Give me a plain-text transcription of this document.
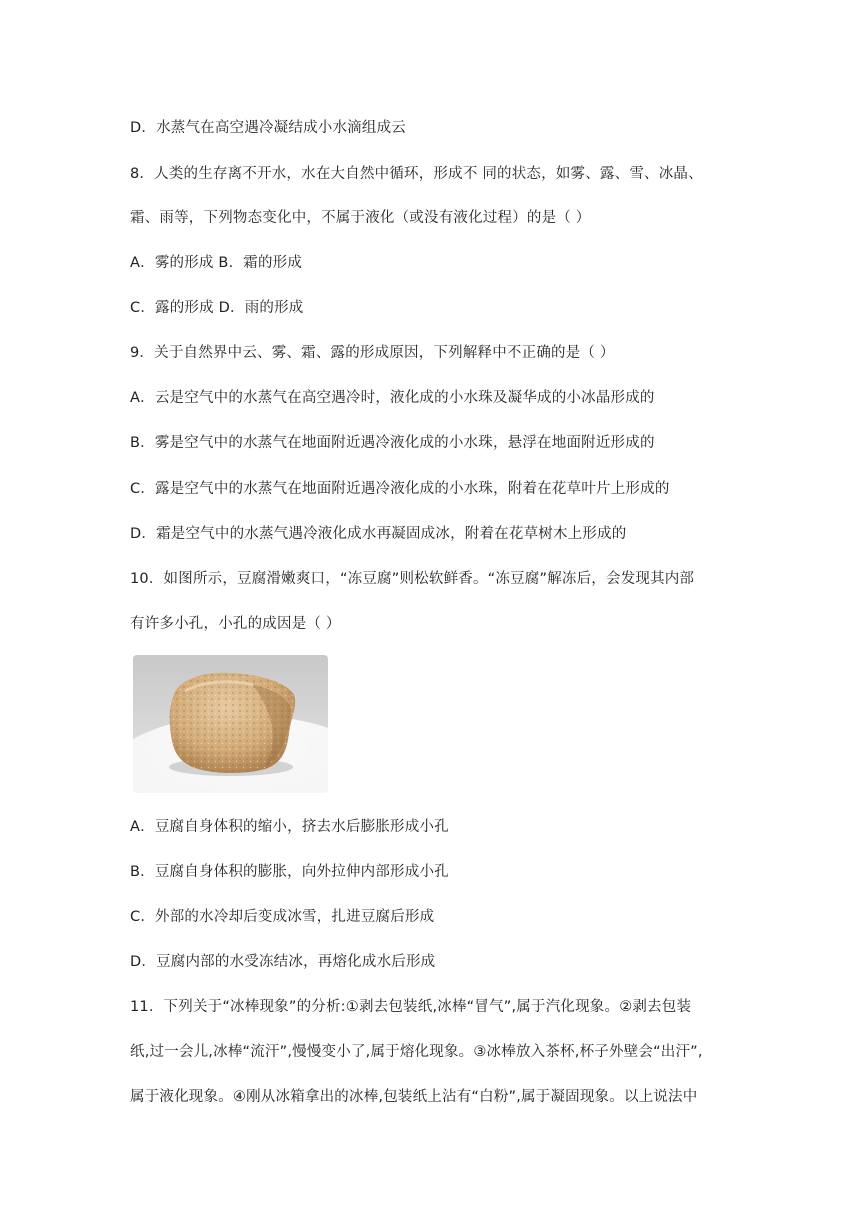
D．水蒸气在高空遇冷凝结成小水滴组成云
8．人类的生存离不开水，水在大自然中循环，形成不 同的状态，如雾、露、雪、冰晶、
霜、雨等，下列物态变化中，不属于液化（或没有液化过程）的是（ ）
A．雾的形成 B．霜的形成
C．露的形成 D．雨的形成
9．关于自然界中云、雾、霜、露的形成原因，下列解释中不正确的是（ ）
A．云是空气中的水蒸气在高空遇冷时，液化成的小水珠及凝华成的小冰晶形成的
B．雾是空气中的水蒸气在地面附近遇冷液化成的小水珠，悬浮在地面附近形成的
C．露是空气中的水蒸气在地面附近遇冷液化成的小水珠，附着在花草叶片上形成的
D．霜是空气中的水蒸气遇冷液化成水再凝固成冰，附着在花草树木上形成的
10．如图所示，豆腐滑嫩爽口，“冻豆腐”则松软鲜香。“冻豆腐”解冻后，会发现其内部
有许多小孔，小孔的成因是（ ）
A．豆腐自身体积的缩小，挤去水后膨胀形成小孔
B．豆腐自身体积的膨胀，向外拉伸内部形成小孔
C．外部的水冷却后变成冰雪，扎进豆腐后形成
D．豆腐内部的水受冻结冰，再熔化成水后形成
11．下列关于“冰棒现象”的分析:①剥去包装纸,冰棒“冒气”,属于汽化现象。②剥去包装
纸,过一会儿,冰棒“流汗”,慢慢变小了,属于熔化现象。③冰棒放入茶杯,杯子外壁会“出汗”,
属于液化现象。④刚从冰箱拿出的冰棒,包装纸上沾有“白粉”,属于凝固现象。以上说法中
